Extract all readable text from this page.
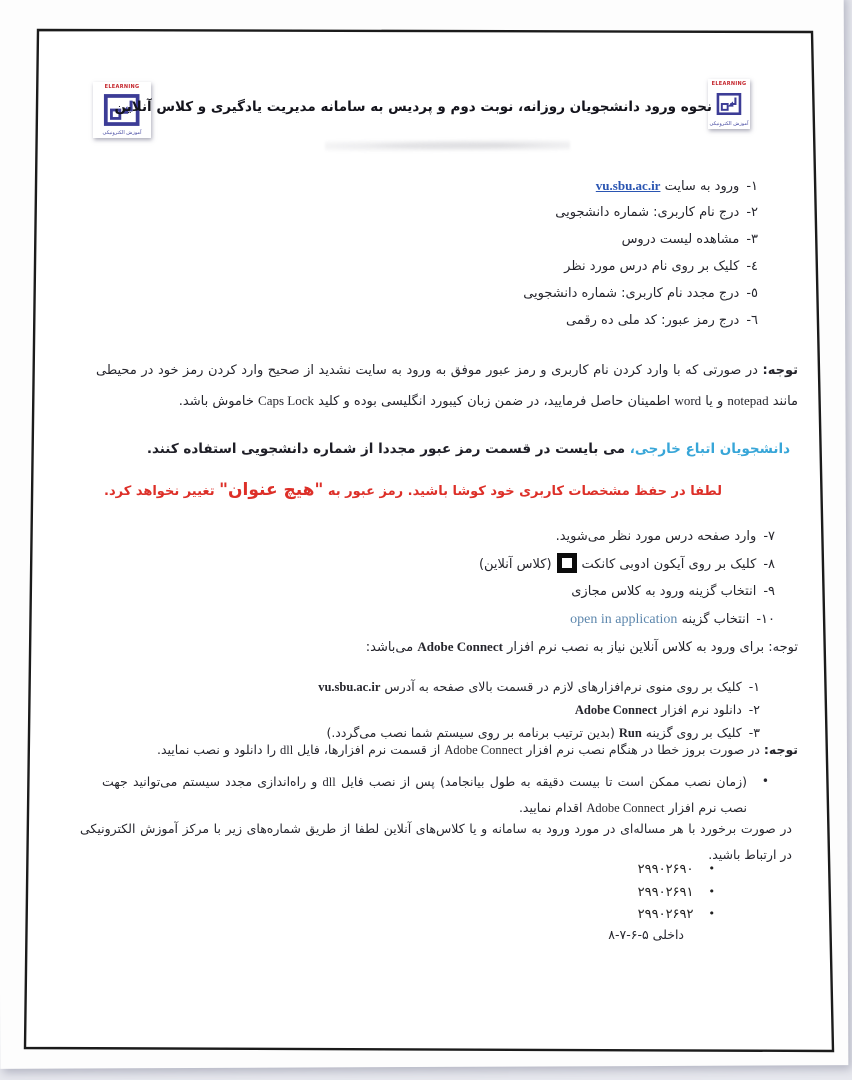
ELEARNING
آموزش الکترونیکی
ELEARNING
آموزش الکترونیکی
نحوه ورود دانشجویان روزانه، نوبت دوم و پردیس به سامانه مدیریت یادگیری و کلاس آنلاین
١-ورود به سایت vu.sbu.ac.ir
٢-درج نام کاربری: شماره دانشجویی
٣-مشاهده لیست دروس
٤-کلیک بر روی نام درس مورد نظر
٥-درج مجدد نام کاربری: شماره دانشجویی
٦-درج رمز عبور: کد ملی ده رقمی
توجه: در صورتی که با وارد کردن نام کاربری و رمز عبور موفق به ورود به سایت نشدید از صحیح وارد کردن رمز خود در محیطی مانند notepad و یا word اطمینان حاصل فرمایید، در ضمن زبان کیبورد انگلیسی بوده و کلید Caps Lock خاموش باشد.
دانشجویان اتباع خارجی، می بایست در قسمت رمز عبور مجددا از شماره دانشجویی استفاده کنند.
لطفا در حفظ مشخصات کاربری خود کوشا باشید. رمز عبور به "هیچ عنوان" تغییر نخواهد کرد.
٧-وارد صفحه درس مورد نظر می‌شوید.
٨-کلیک بر روی آیکون ادوبی کانکت
(کلاس آنلاین)
٩-انتخاب گزینه ورود به کلاس مجازی
١٠-انتخاب گزینه open in application
توجه: برای ورود به کلاس آنلاین نیاز به نصب نرم افزار Adobe Connect می‌باشد:
١-کلیک بر روی منوی نرم‌افزارهای لازم در قسمت بالای صفحه به آدرس vu.sbu.ac.ir
٢-دانلود نرم افزار Adobe Connect
٣-کلیک بر روی گزینه Run (بدین ترتیب برنامه بر روی سیستم شما نصب می‌گردد.)
توجه: در صورت بروز خطا در هنگام نصب نرم افزار Adobe Connect از قسمت نرم افزارها، فایل dll را دانلود و نصب نمایید.
•
(زمان نصب ممکن است تا بیست دقیقه به طول بیانجامد) پس از نصب فایل dll و راه‌اندازی مجدد سیستم می‌توانید جهت نصب نرم افزار Adobe Connect اقدام نمایید.
در صورت برخورد با هر مساله‌ای در مورد ورود به سامانه و یا کلاس‌های آنلاین لطفا از طریق شماره‌های زیر با مرکز آموزش الکترونیکی در ارتباط باشید.
•۲۹۹۰۲۶۹۰
•۲۹۹۰۲۶۹۱
•۲۹۹۰۲۶۹۲
داخلی ۵-۶-۷-۸
